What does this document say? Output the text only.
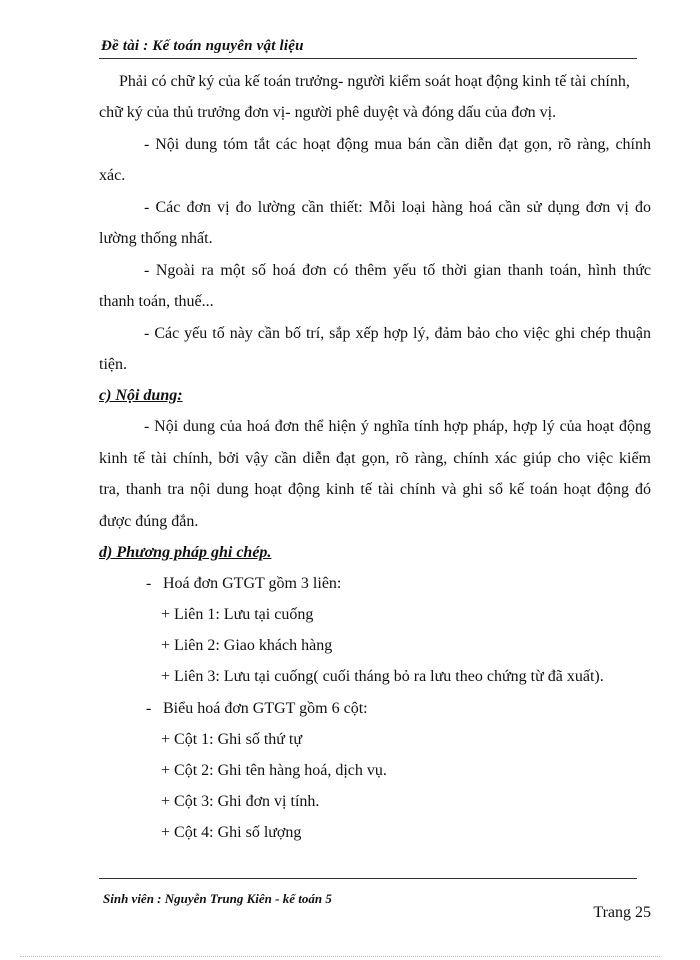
Đề tài : Kế toán nguyên vật liệu
Phải có chữ ký của kế toán trưởng- người kiểm soát hoạt động kinh tế tài chính,
chữ ký của thủ trưởng đơn vị- người phê duyệt và đóng dấu của đơn vị.
- Nội dung tóm tắt các hoạt động mua bán cần diễn đạt gọn, rõ ràng, chính
xác.
- Các đơn vị đo lường cần thiết: Mỗi loại hàng hoá cần sử dụng đơn vị đo
lường thống nhất.
- Ngoài ra một số hoá đơn có thêm yếu tố thời gian thanh toán, hình thức
thanh toán, thuế...
- Các yếu tố này cần bố trí, sắp xếp hợp lý, đảm bảo cho việc ghi chép thuận
tiện.
c) Nội dung:
- Nội dung của hoá đơn thể hiện ý nghĩa tính hợp pháp, hợp lý của hoạt động
kinh tế tài chính, bởi vậy cần diễn đạt gọn, rõ ràng, chính xác giúp cho việc kiểm
tra, thanh tra nội dung hoạt động kinh tế tài chính và ghi sổ kế toán hoạt động đó
được đúng đắn.
d) Phương pháp ghi chép.
- Hoá đơn GTGT gồm 3 liên:
+ Liên 1: Lưu tại cuống
+ Liên 2: Giao khách hàng
+ Liên 3: Lưu tại cuống( cuối tháng bỏ ra lưu theo chứng từ đã xuất).
- Biểu hoá đơn GTGT gồm 6 cột:
+ Cột 1: Ghi số thứ tự
+ Cột 2: Ghi tên hàng hoá, dịch vụ.
+ Cột 3: Ghi đơn vị tính.
+ Cột 4: Ghi số lượng
Sinh viên : Nguyễn Trung Kiên - kế toán 5
Trang 25
